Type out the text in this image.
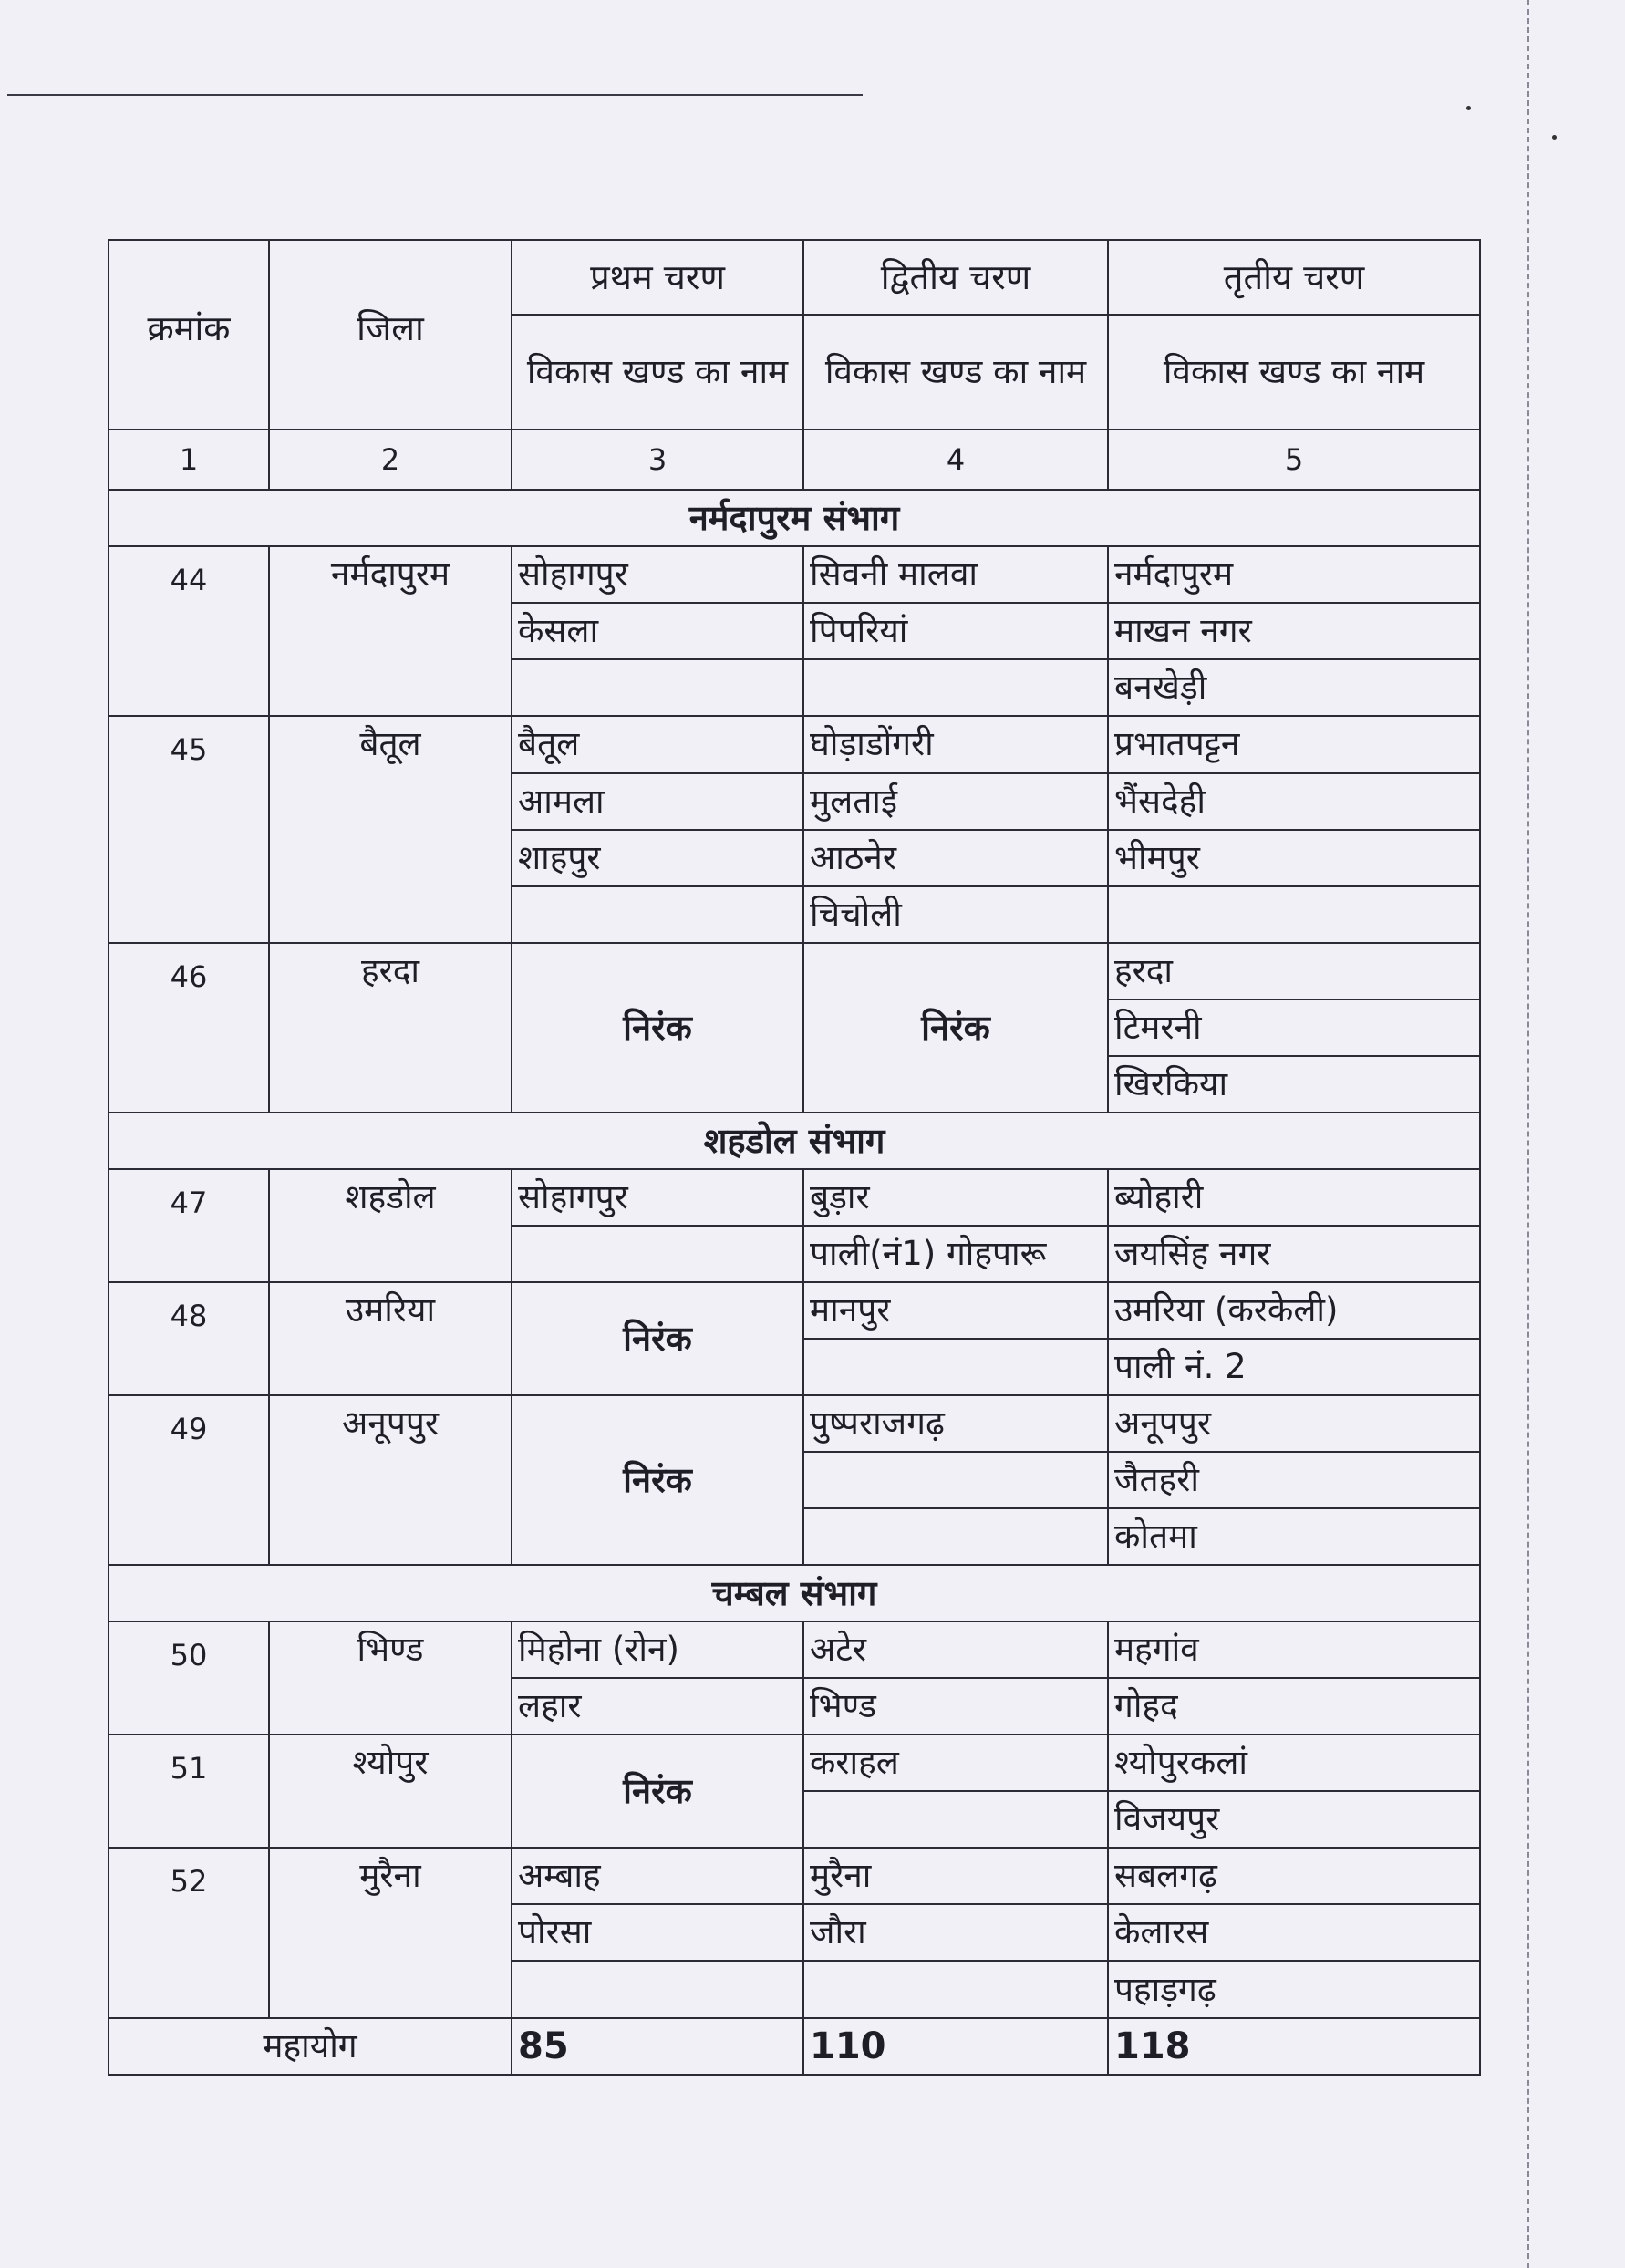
क्रमांक	जिला	प्रथम चरण	द्वितीय चरण	तृतीय चरण
		विकास खण्ड का नाम	विकास खण्ड का नाम	विकास खण्ड का नाम
1	2	3	4	5
नर्मदापुरम संभाग				
44	नर्मदापुरम	सोहागपुर	सिवनी मालवा	नर्मदापुरम
		केसला	पिपरियां	माखन नगर
				बनखेड़ी
45	बैतूल	बैतूल	घोड़ाडोंगरी	प्रभातपट्टन
		आमला	मुलताई	भैंसदेही
		शाहपुर	आठनेर	भीमपुर
			चिचोली	
46	हरदा	निरंक	निरंक	हरदा
				टिमरनी
				खिरकिया
शहडोल संभाग				
47	शहडोल	सोहागपुर	बुड़ार	ब्योहारी
			पाली(नं1) गोहपारू	जयसिंह नगर
48	उमरिया	निरंक	मानपुर	उमरिया (करकेली)
				पाली नं. 2
49	अनूपपुर	निरंक	पुष्पराजगढ़	अनूपपुर
				जैतहरी
				कोतमा
चम्बल संभाग				
50	भिण्ड	मिहोना (रोन)	अटेर	महगांव
		लहार	भिण्ड	गोहद
51	श्योपुर	निरंक	कराहल	श्योपुरकलां
				विजयपुर
52	मुरैना	अम्बाह	मुरैना	सबलगढ़
		पोरसा	जौरा	केलारस
				पहाड़गढ़
महायोग		85	110	118
